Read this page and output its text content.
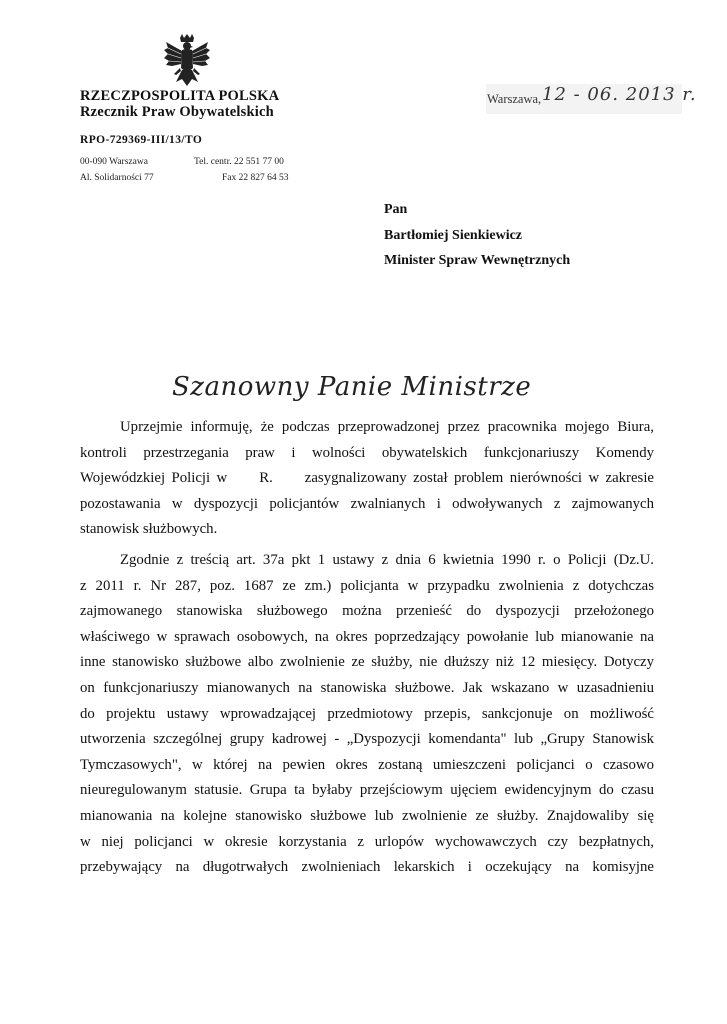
RZECZPOSPOLITA POLSKA
Rzecznik Praw Obywatelskich
RPO-729369-III/13/TO
00-090 Warszawa
Al. Solidarności 77
Tel. centr. 22 551 77 00
Fax 22 827 64 53
Warszawa, 12 - 06. 2013 r.
Pan
Bartłomiej Sienkiewicz
Minister Spraw Wewnętrznych
Szanowny Panie Ministrze
Uprzejmie informuję, że podczas przeprowadzonej przez pracownika mojego Biura,
kontroli przestrzegania praw i wolności obywatelskich funkcjonariuszy Komendy
Wojewódzkiej Policji w     R.     zasygnalizowany został problem nierówności w zakresie
pozostawania w dyspozycji policjantów zwalnianych i odwoływanych z zajmowanych
stanowisk służbowych.
Zgodnie z treścią art. 37a pkt 1 ustawy z dnia 6 kwietnia 1990 r. o Policji (Dz.U.
z 2011 r. Nr 287, poz. 1687 ze zm.) policjanta w przypadku zwolnienia z dotychczas
zajmowanego stanowiska służbowego można przenieść do dyspozycji przełożonego
właściwego w sprawach osobowych, na okres poprzedzający powołanie lub mianowanie na
inne stanowisko służbowe albo zwolnienie ze służby, nie dłuższy niż 12 miesięcy. Dotyczy
on funkcjonariuszy mianowanych na stanowiska służbowe. Jak wskazano w uzasadnieniu
do projektu ustawy wprowadzającej przedmiotowy przepis, sankcjonuje on możliwość
utworzenia szczególnej grupy kadrowej - „Dyspozycji komendanta" lub „Grupy Stanowisk
Tymczasowych", w której na pewien okres zostaną umieszczeni policjanci o czasowo
nieuregulowanym statusie. Grupa ta byłaby przejściowym ujęciem ewidencyjnym do czasu
mianowania na kolejne stanowisko służbowe lub zwolnienie ze służby. Znajdowaliby się
w niej policjanci w okresie korzystania z urlopów wychowawczych czy bezpłatnych,
przebywający na długotrwałych zwolnieniach lekarskich i oczekujący na komisyjne
